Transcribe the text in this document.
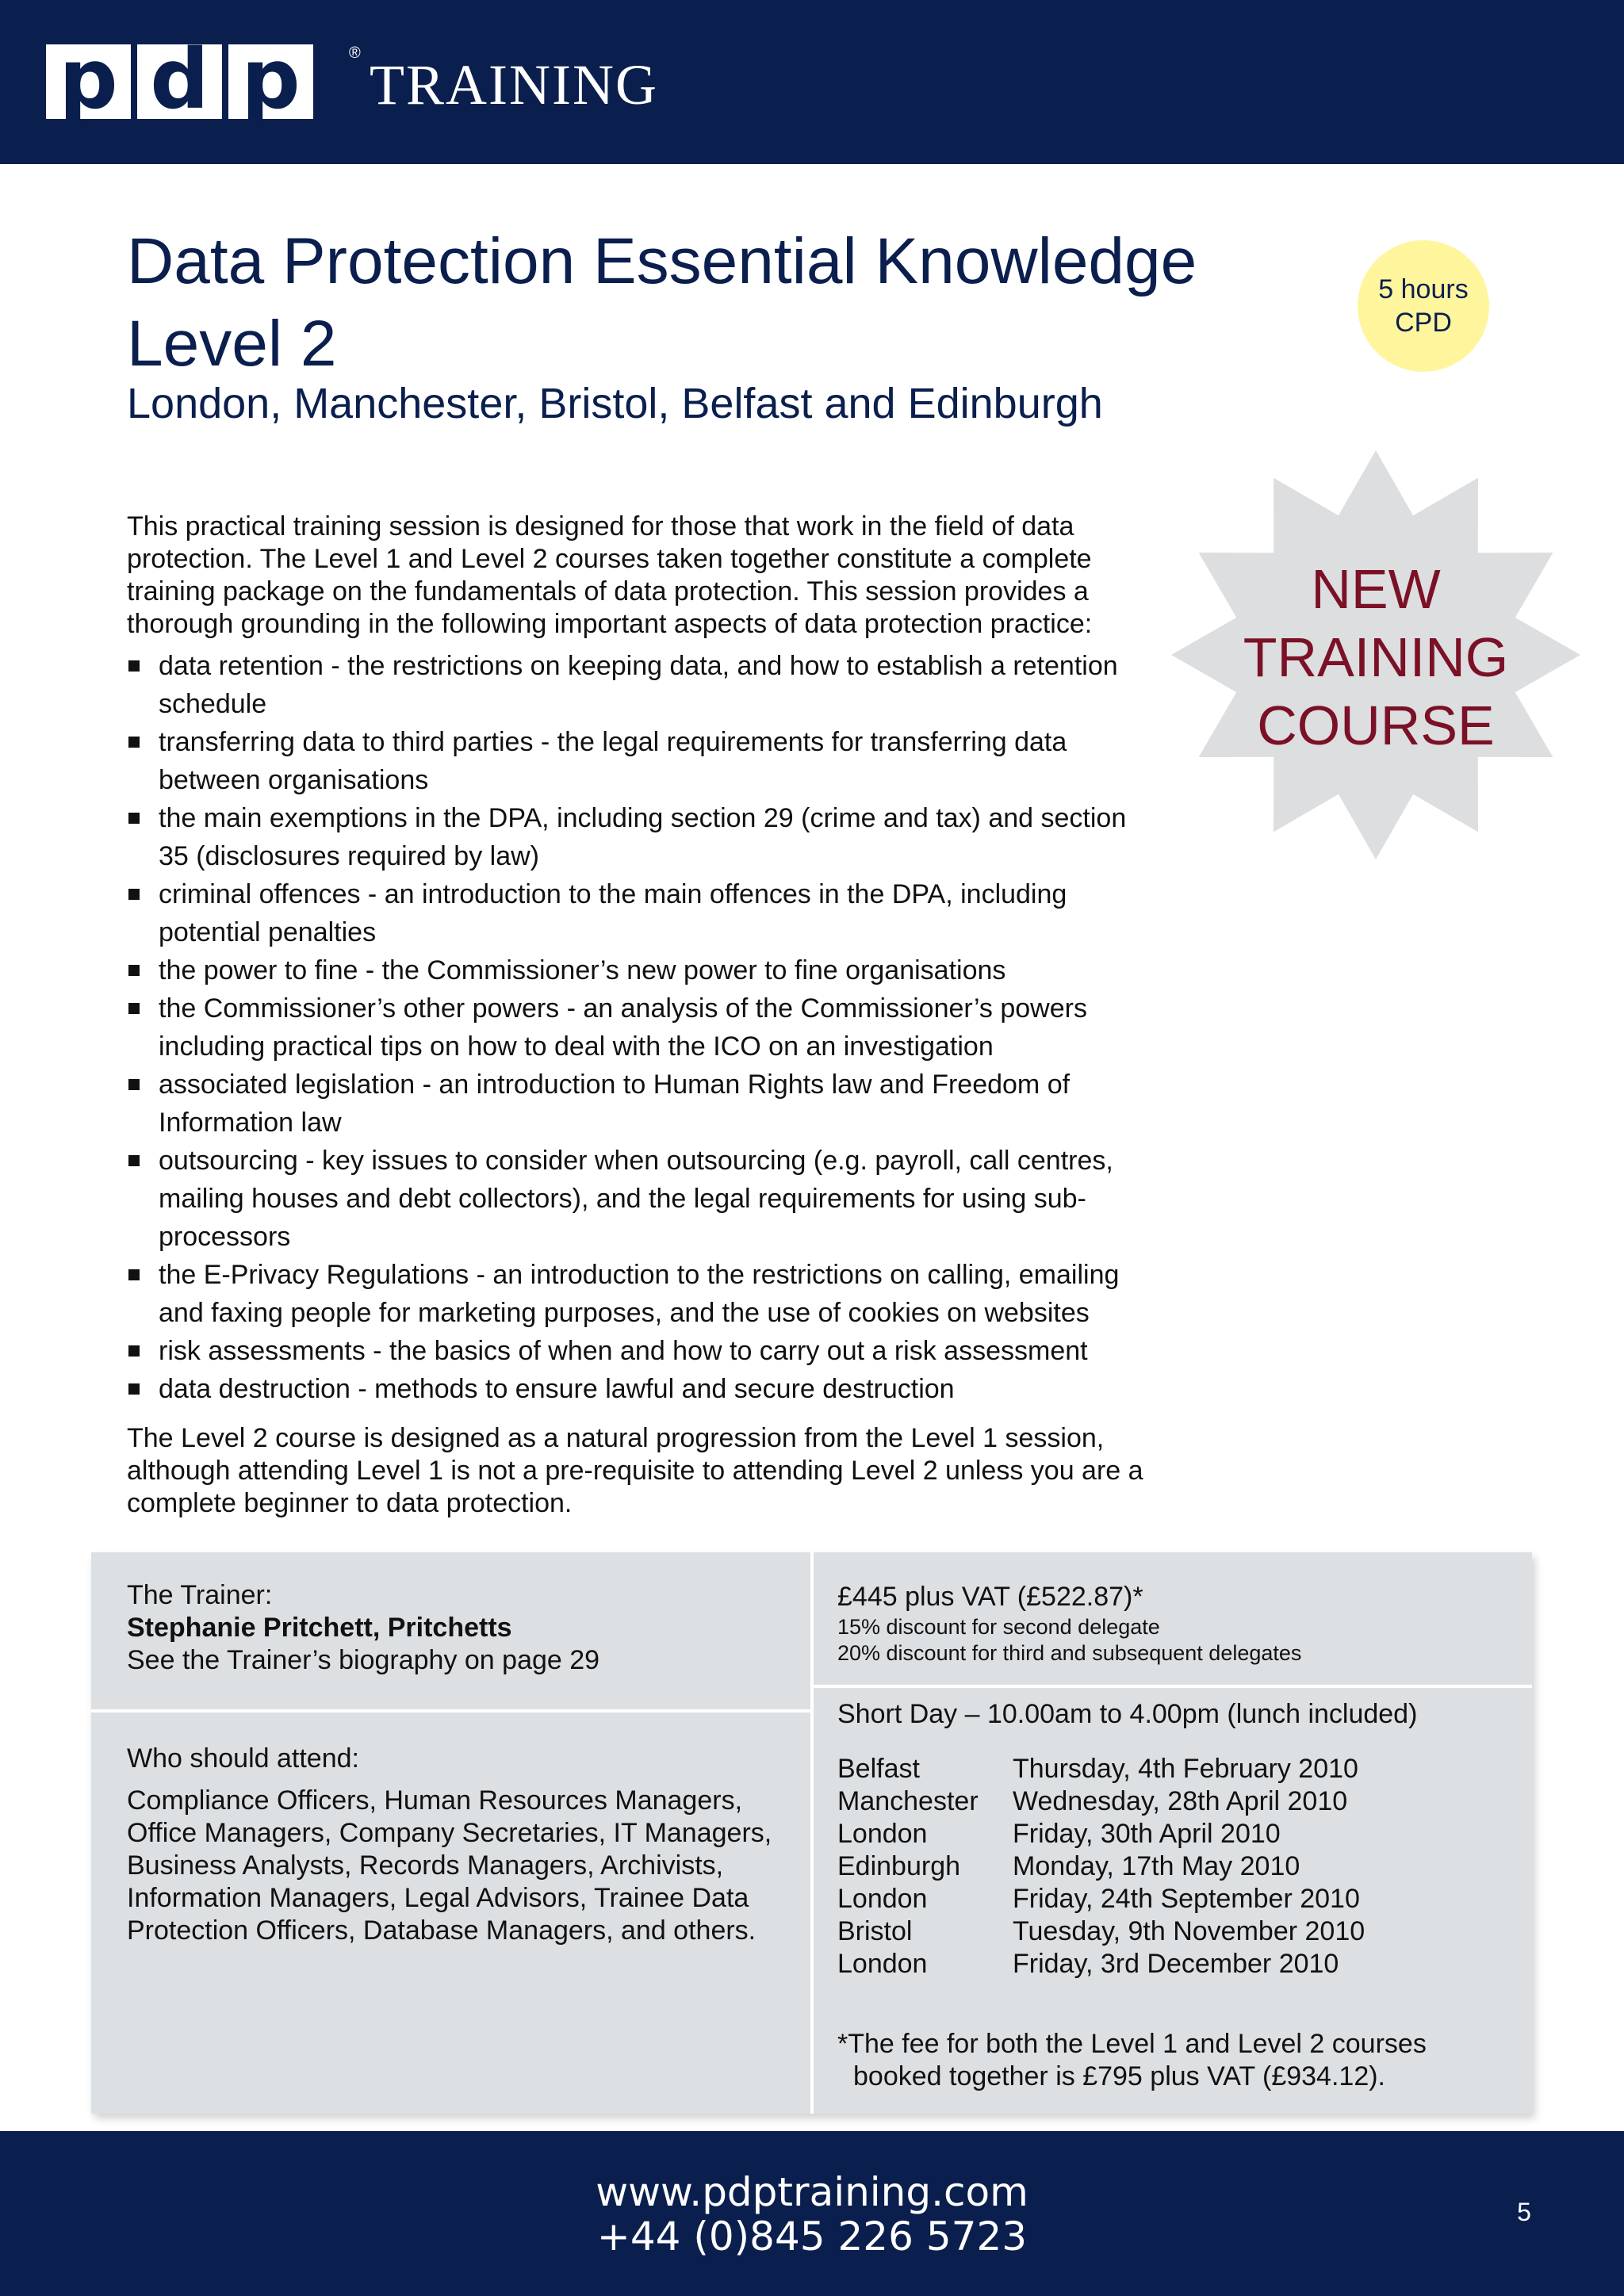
p d p	® TRAINING
Data Protection Essential Knowledge Level 2
London, Manchester, Bristol, Belfast and Edinburgh
5 hours
CPD
NEW
TRAINING
COURSE

This practical training session is designed for those that work in the field of data protection. The Level 1 and Level 2 courses taken together constitute a complete training package on the fundamentals of data protection. This session provides a thorough grounding in the following important aspects of data protection practice:

data retention - the restrictions on keeping data, and how to establish a retention schedule
transferring data to third parties - the legal requirements for transferring data between organisations
the main exemptions in the DPA, including section 29 (crime and tax) and section 35 (disclosures required by law)
criminal offences - an introduction to the main offences in the DPA, including potential penalties
the power to fine - the Commissioner’s new power to fine organisations
the Commissioner’s other powers - an analysis of the Commissioner’s powers including practical tips on how to deal with the ICO on an investigation
associated legislation - an introduction to Human Rights law and Freedom of Information law
outsourcing - key issues to consider when outsourcing (e.g. payroll, call centres, mailing houses and debt collectors), and the legal requirements for using sub-processors
the E-Privacy Regulations - an introduction to the restrictions on calling, emailing and faxing people for marketing purposes, and the use of cookies on websites
risk assessments - the basics of when and how to carry out a risk assessment
data destruction - methods to ensure lawful and secure destruction

The Level 2 course is designed as a natural progression from the Level 1 session, although attending Level 1 is not a pre-requisite to attending Level 2 unless you are a complete beginner to data protection.

The Trainer:
Stephanie Pritchett, Pritchetts
See the Trainer’s biography on page 29
Who should attend:
Compliance Officers, Human Resources Managers, Office Managers, Company Secretaries, IT Managers, Business Analysts, Records Managers, Archivists, Information Managers, Legal Advisors, Trainee Data Protection Officers, Database Managers, and others.
£445 plus VAT (£522.87)*
15% discount for second delegate
20% discount for third and subsequent delegates
Short Day – 10.00am to 4.00pm (lunch included)
Belfast	Thursday, 4th February 2010
Manchester	Wednesday, 28th April 2010
London	Friday, 30th April 2010
Edinburgh	Monday, 17th May 2010
London	Friday, 24th September 2010
Bristol	Tuesday, 9th November 2010
London	Friday, 3rd December 2010
*The fee for both the Level 1 and Level 2 courses
booked together is £795 plus VAT (£934.12).
www.pdptraining.com
+44 (0)845 226 5723
5
